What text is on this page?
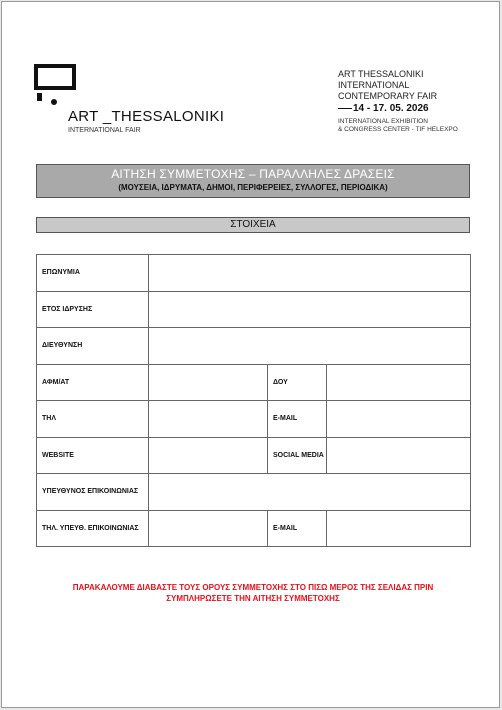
ART _THESSALONIKI
INTERNATIONAL FAIR
ART THESSALONIKI
INTERNATIONAL
CONTEMPORARY FAIR
14 - 17. 05. 2026
INTERNATIONAL EXHIBITION
& CONGRESS CENTER - TIF HELEXPO
ΑΙΤΗΣΗ ΣΥΜΜΕΤΟΧΗΣ – ΠΑΡΑΛΛΗΛΕΣ ΔΡΑΣΕΙΣ
(ΜΟΥΣΕΙΑ, ΙΔΡΥΜΑΤΑ, ΔΗΜΟΙ, ΠΕΡΙΦΕΡΕΙΕΣ, ΣΥΛΛΟΓΕΣ, ΠΕΡΙΟΔΙΚΑ)
ΣΤΟΙΧΕΙΑ
ΕΠΩΝΥΜΙΑ			
ΕΤΟΣ ΙΔΡΥΣΗΣ			
ΔΙΕΥΘΥΝΣΗ			
ΑΦΜ/ΑΤ		ΔΟΥ	
ΤΗΛ		E-MAIL	
WEBSITE		SOCIAL MEDIA	
ΥΠΕΥΘΥΝΟΣ ΕΠΙΚΟΙΝΩΝΙΑΣ			
ΤΗΛ. ΥΠΕΥΘ. ΕΠΙΚΟΙΝΩΝΙΑΣ		E-MAIL	
ΠΑΡΑΚΑΛΟΥΜΕ ΔΙΑΒΑΣΤΕ ΤΟΥΣ ΟΡΟΥΣ ΣΥΜΜΕΤΟΧΗΣ ΣΤΟ ΠΙΣΩ ΜΕΡΟΣ ΤΗΣ ΣΕΛΙΔΑΣ ΠΡΙΝ
ΣΥΜΠΛΗΡΩΣΕΤΕ ΤΗΝ ΑΙΤΗΣΗ ΣΥΜΜΕΤΟΧΗΣ
